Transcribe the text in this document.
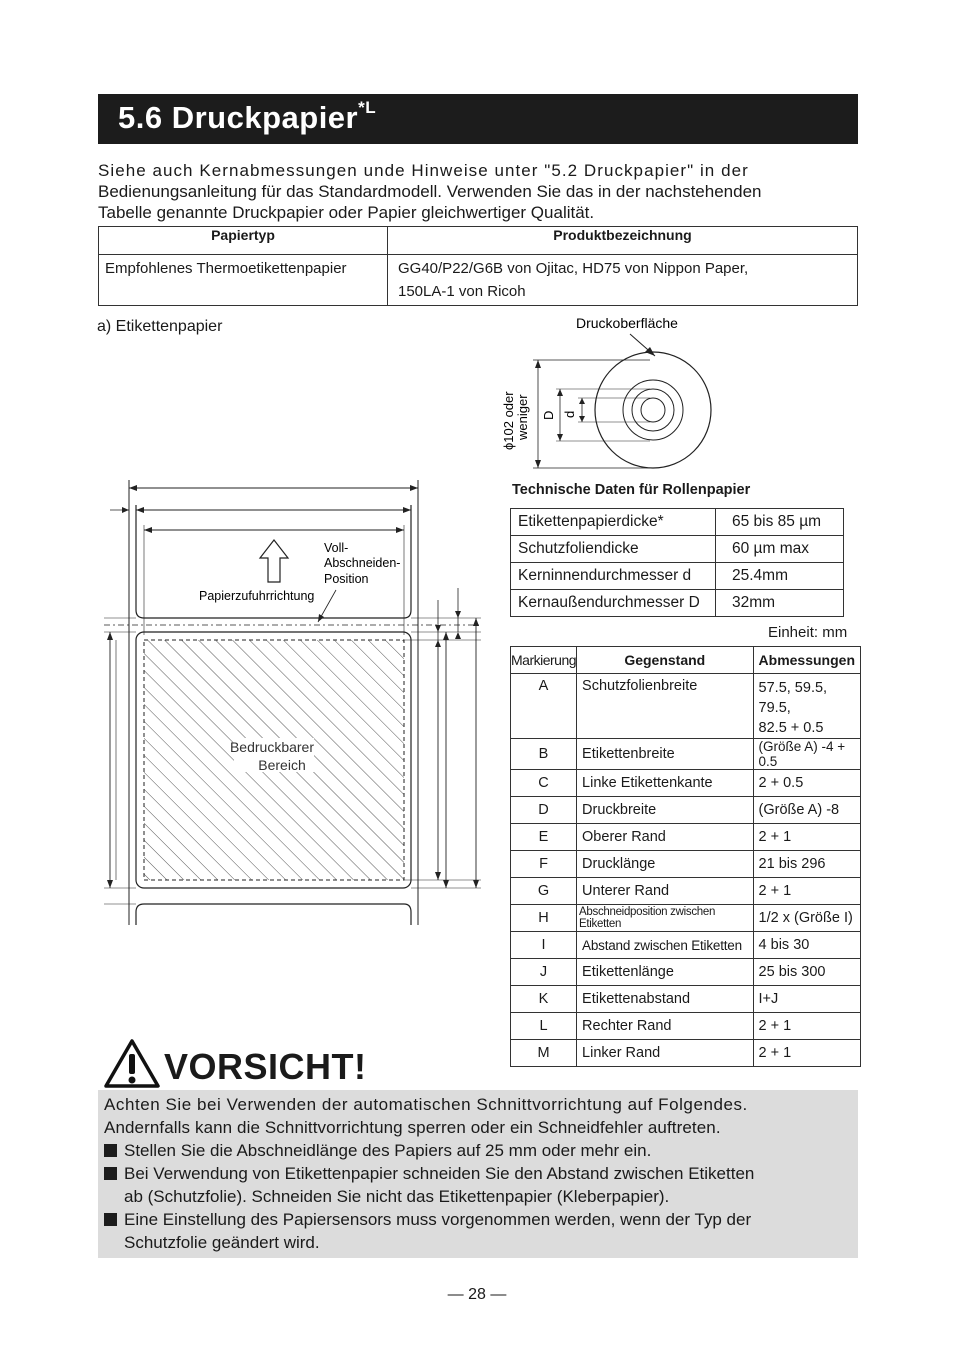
5.6 Druckpapier$^{*L}$

Siehe auch Kernabmessungen unde Hinweise unter "5.2 Druckpapier" in der

Bedienungsanleitung für das Standardmodell. Verwenden Sie das in der nachstehenden

Tabelle genannte Druckpapier oder Papier gleichwertiger Qualität.

Papiertyp	Produktbezeichnung
Empfohlenes Thermoetikettenpapier	GG40/P22/G6B von Ojitac, HD75 von Nippon Paper,
150LA-1 von Ricoh
a) Etikettenpapier	Druckoberfläche
ϕ102 oder weniger D d
Bedruckbarer
Bereich
Voll-
Abschneiden-
Position
Papierzufuhrrichtung
Technische Daten für Rollenpapier
Etikettenpapierdicke*	65 bis 85 µm
Schutzfoliendicke	60 µm max
Kerninnendurchmesser d	25.4mm
Kernaußendurchmesser D	32mm
Einheit: mm
Markierung	Gegenstand	Abmessungen
A	Schutzfolienbreite	57.5, 59.5, 79.5,
82.5 + 0.5

B	Etikettenbreite	(Größe A) -4 + 0.5
C	Linke Etikettenkante	2 + 0.5
D	Druckbreite	(Größe A) -8
E	Oberer Rand	2 + 1
F	Drucklänge	21 bis 296
G	Unterer Rand	2 + 1
H	Abschneidposition zwischen Etiketten	1/2 x (Größe I)
I	Abstand zwischen Etiketten	4 bis 30
J	Etikettenlänge	25 bis 300
K	Etikettenabstand	I+J
L	Rechter Rand	2 + 1
M	Linker Rand	2 + 1
VORSICHT!

Achten Sie bei Verwenden der automatischen Schnittvorrichtung auf Folgendes.

Andernfalls kann die Schnittvorrichtung sperren oder ein Schneidfehler auftreten.

Stellen Sie die Abschneidlänge des Papiers auf 25 mm oder mehr ein.
Bei Verwendung von Etikettenpapier schneiden Sie den Abstand zwischen Etiketten
ab (Schutzfolie). Schneiden Sie nicht das Etikettenpapier (Kleberpapier).
Eine Einstellung des Papiersensors muss vorgenommen werden, wenn der Typ der
Schutzfolie geändert wird.
— 28 —
